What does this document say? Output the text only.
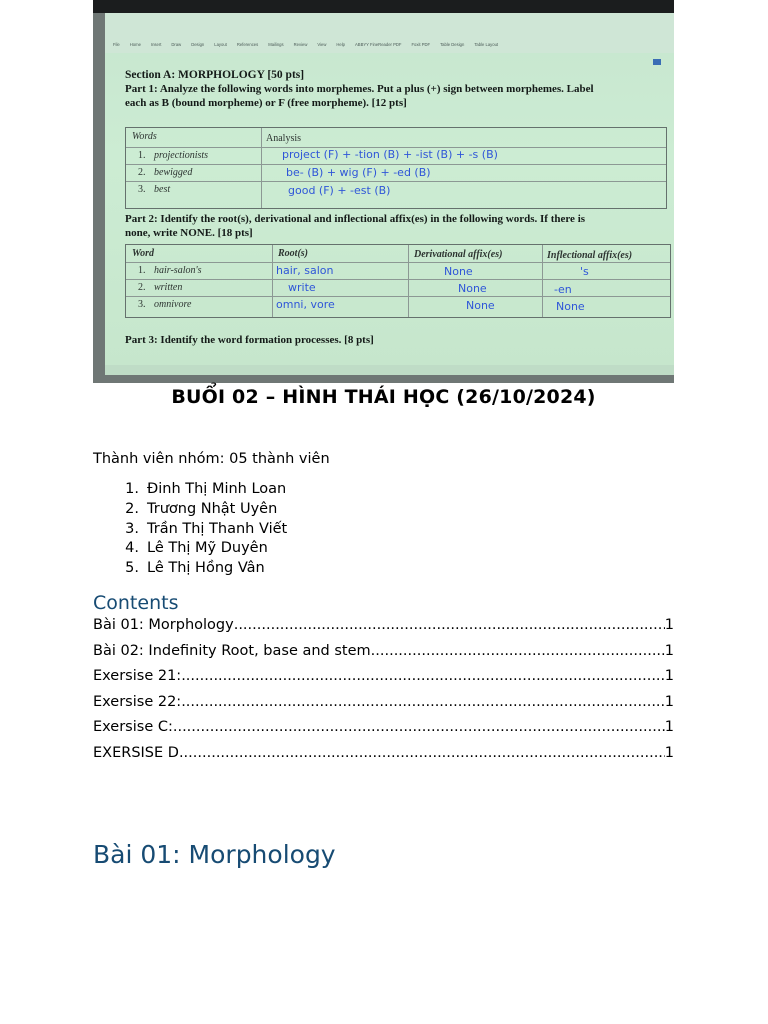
File Home Insert Draw Design Layout References Mailings Review View Help ABBYY FineReader PDF Foxit PDF Table Design Table Layout
Section A: MORPHOLOGY [50 pts]
Part 1: Analyze the following words into morphemes. Put a plus (+) sign between morphemes. Label
each as B (bound morpheme) or F (free morpheme). [12 pts]
Words	Analysis
1. projectionists	project (F) + -tion (B) + -ist (B) + -s (B)
2. bewigged	be- (B) + wig (F) + -ed (B)
3. best	good (F) + -est (B)
Part 2: Identify the root(s), derivational and inflectional affix(es) in the following words. If there is
none, write NONE. [18 pts]
Word	Root(s)	Derivational affix(es)	Inflectional affix(es)
1. hair-salon's	hair, salon	None	's
2. written	write	None	-en
3. omnivore	omni, vore	None	None
Part 3: Identify the word formation processes. [8 pts]
BUỔI 02 – HÌNH THÁI HỌC (26/10/2024)
Thành viên nhóm: 05 thành viên
1. Đinh Thị Minh Loan
2. Trương Nhật Uyên
3. Trần Thị Thanh Viết
4. Lê Thị Mỹ Duyên
5. Lê Thị Hồng Vân
Contents
Bài 01: Morphology .....	1
Bài 02: Indefinity Root, base and stem .....	1
Exersise 21: .....	1
Exersise 22: .....	1
Exersise C: .....	1
EXERSISE D .....	1
Bài 01: Morphology
